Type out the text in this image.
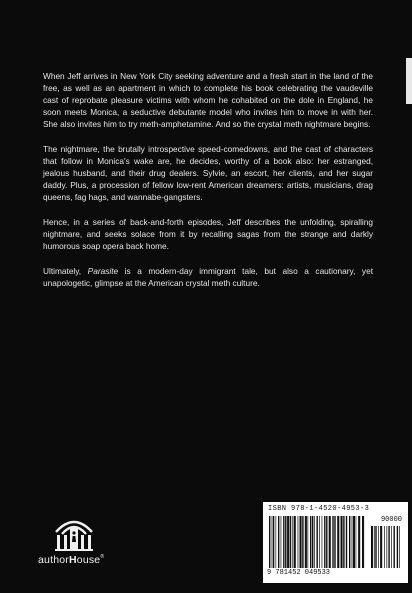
When Jeff arrives in New York City seeking adventure and a fresh start in the land of the free, as well as an apartment in which to complete his book celebrating the vaudeville cast of reprobate pleasure victims with whom he cohabited on the dole in England, he soon meets Monica, a seductive debutante model who invites him to move in with her. She also invites him to try meth-amphetamine. And so the crystal meth nightmare begins.

The nightmare, the brutally introspective speed-comedowns, and the cast of characters that follow in Monica's wake are, he decides, worthy of a book also: her estranged, jealous husband, and their drug dealers. Sylvie, an escort, her clients, and her sugar daddy. Plus, a procession of fellow low-rent American dreamers: artists, musicians, drag queens, fag hags, and wannabe-gangsters.

Hence, in a series of back-and-forth episodes, Jeff describes the unfolding, spiralling nightmare, and seeks solace from it by recalling sagas from the strange and darkly humorous soap opera back home.

Ultimately, Parasite is a modern-day immigrant tale, but also a cautionary, yet unapologetic, glimpse at the American crystal meth culture.

authorHouse®
ISBN 978-1-4520-4953-3
90000
9 781452 049533
